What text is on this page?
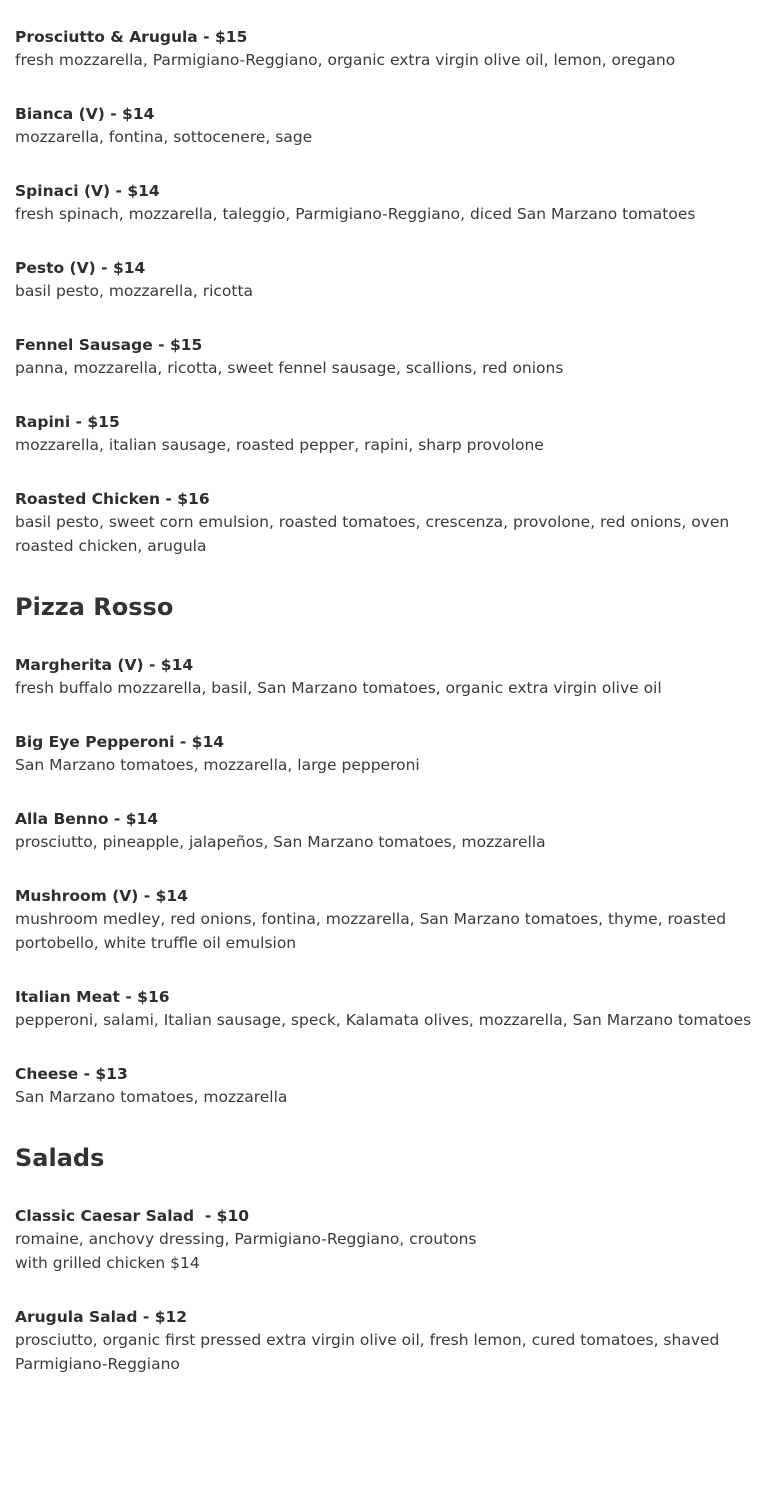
Prosciutto & Arugula - $15
fresh mozzarella, Parmigiano-Reggiano, organic extra virgin olive oil, lemon, oregano
Bianca (V) - $14
mozzarella, fontina, sottocenere, sage
Spinaci (V) - $14
fresh spinach, mozzarella, taleggio, Parmigiano-Reggiano, diced San Marzano tomatoes
Pesto (V) - $14
basil pesto, mozzarella, ricotta
Fennel Sausage - $15
panna, mozzarella, ricotta, sweet fennel sausage, scallions, red onions
Rapini - $15
mozzarella, italian sausage, roasted pepper, rapini, sharp provolone
Roasted Chicken - $16
basil pesto, sweet corn emulsion, roasted tomatoes, crescenza, provolone, red onions, oven roasted chicken, arugula
Pizza Rosso
Margherita (V) - $14
fresh buffalo mozzarella, basil, San Marzano tomatoes, organic extra virgin olive oil
Big Eye Pepperoni - $14
San Marzano tomatoes, mozzarella, large pepperoni
Alla Benno - $14
prosciutto, pineapple, jalapeños, San Marzano tomatoes, mozzarella
Mushroom (V) - $14
mushroom medley, red onions, fontina, mozzarella, San Marzano tomatoes, thyme, roasted portobello, white truffle oil emulsion
Italian Meat - $16
pepperoni, salami, Italian sausage, speck, Kalamata olives, mozzarella, San Marzano tomatoes
Cheese - $13
San Marzano tomatoes, mozzarella
Salads
Classic Caesar Salad  - $10
romaine, anchovy dressing, Parmigiano-Reggiano, croutons
with grilled chicken $14
Arugula Salad - $12
prosciutto, organic first pressed extra virgin olive oil, fresh lemon, cured tomatoes, shaved Parmigiano-Reggiano
